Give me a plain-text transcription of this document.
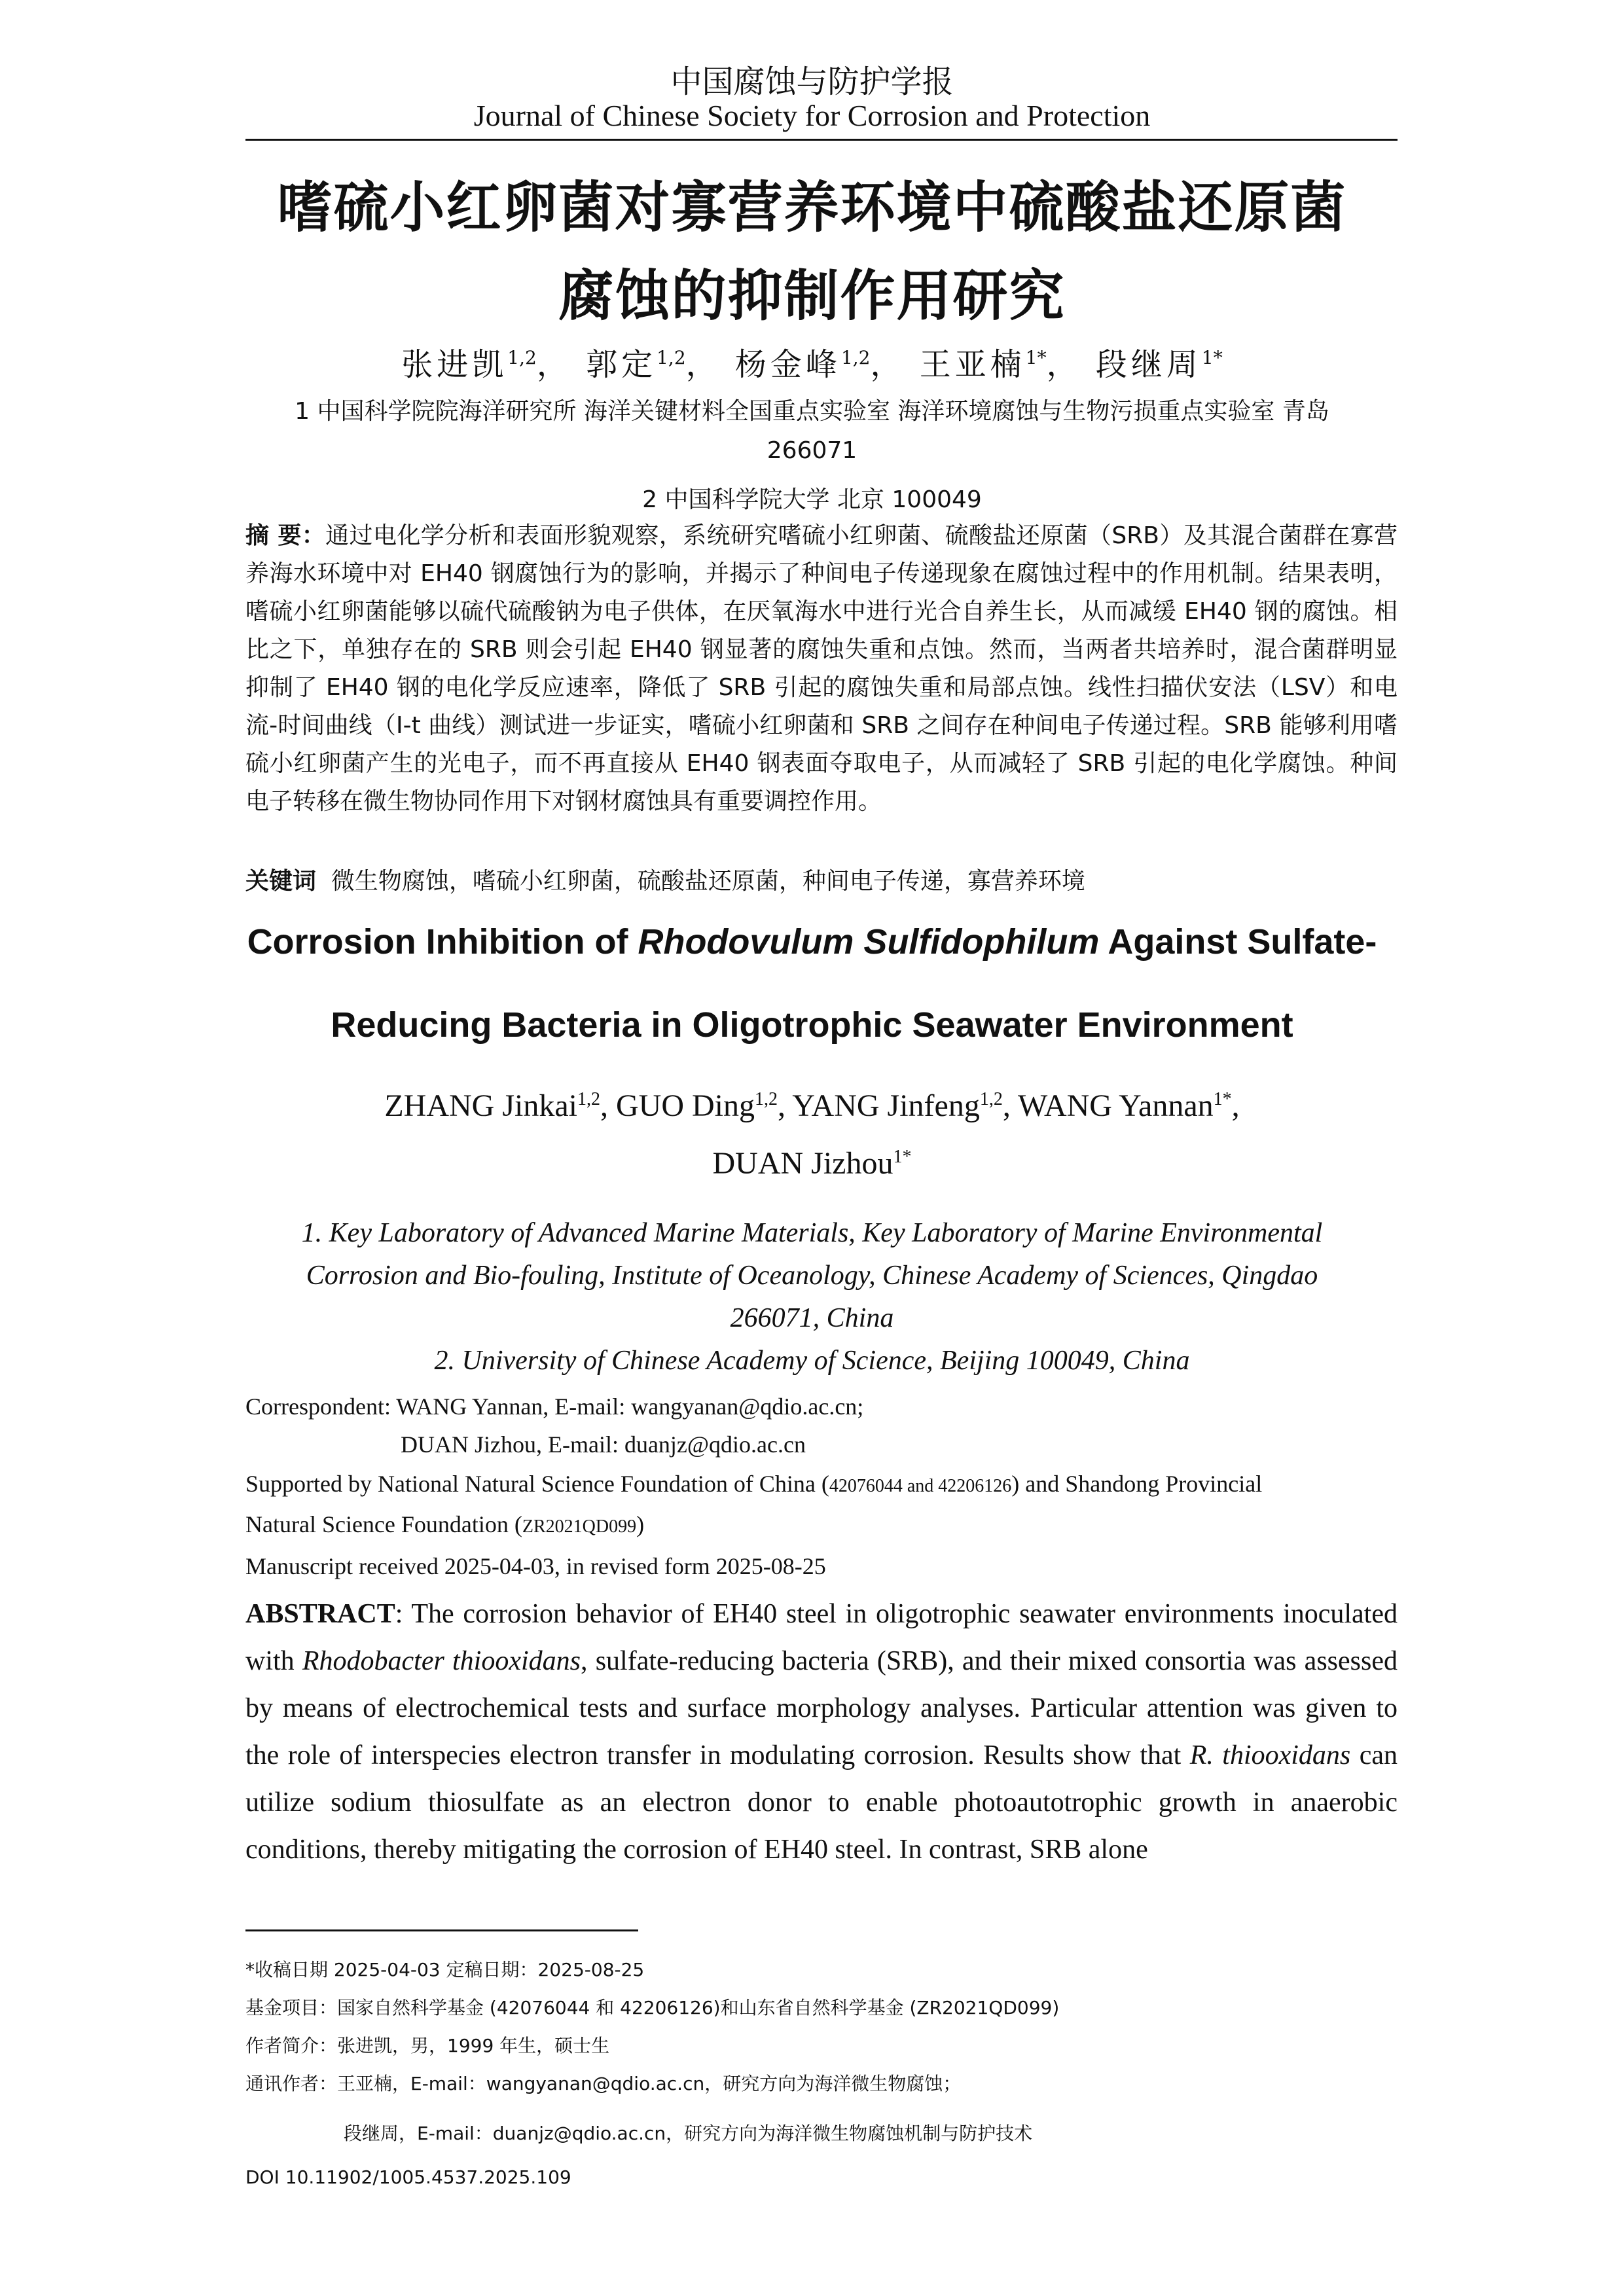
中国腐蚀与防护学报
Journal of Chinese Society for Corrosion and Protection
嗜硫小红卵菌对寡营养环境中硫酸盐还原菌
腐蚀的抑制作用研究
张进凯$^{1,2}$， 郭定$^{1,2}$， 杨金峰$^{1,2}$， 王亚楠$^{1*}$， 段继周$^{1*}$
1 中国科学院院海洋研究所 海洋关键材料全国重点实验室 海洋环境腐蚀与生物污损重点实验室 青岛
266071
2 中国科学院大学 北京 100049
摘 要：通过电化学分析和表面形貌观察，系统研究嗜硫小红卵菌、硫酸盐还原菌（SRB）及其混合菌群在寡营养海水环境中对 EH40 钢腐蚀行为的影响，并揭示了种间电子传递现象在腐蚀过程中的作用机制。结果表明，嗜硫小红卵菌能够以硫代硫酸钠为电子供体，在厌氧海水中进行光合自养生长，从而减缓 EH40 钢的腐蚀。相比之下，单独存在的 SRB 则会引起 EH40 钢显著的腐蚀失重和点蚀。然而，当两者共培养时，混合菌群明显抑制了 EH40 钢的电化学反应速率，降低了 SRB 引起的腐蚀失重和局部点蚀。线性扫描伏安法（LSV）和电流-时间曲线（I-t 曲线）测试进一步证实，嗜硫小红卵菌和 SRB 之间存在种间电子传递过程。SRB 能够利用嗜硫小红卵菌产生的光电子，而不再直接从 EH40 钢表面夺取电子，从而减轻了 SRB 引起的电化学腐蚀。种间电子转移在微生物协同作用下对钢材腐蚀具有重要调控作用。
关键词 微生物腐蚀，嗜硫小红卵菌，硫酸盐还原菌，种间电子传递，寡营养环境
Corrosion Inhibition of Rhodovulum Sulfidophilum Against Sulfate-
Reducing Bacteria in Oligotrophic Seawater Environment
ZHANG Jinkai$^{1,2}$, GUO Ding$^{1,2}$, YANG Jinfeng$^{1,2}$, WANG Yannan$^{1*}$,
DUAN Jizhou$^{1*}$
1. Key Laboratory of Advanced Marine Materials, Key Laboratory of Marine Environmental
Corrosion and Bio-fouling, Institute of Oceanology, Chinese Academy of Sciences, Qingdao
266071, China
2. University of Chinese Academy of Science, Beijing 100049, China
Correspondent: WANG Yannan, E-mail: wangyanan@qdio.ac.cn;
DUAN Jizhou, E-mail: duanjz@qdio.ac.cn
Supported by National Natural Science Foundation of China (42076044 and 42206126) and Shandong Provincial
Natural Science Foundation (ZR2021QD099)
Manuscript received 2025-04-03, in revised form 2025-08-25
ABSTRACT: The corrosion behavior of EH40 steel in oligotrophic seawater environments inoculated with Rhodobacter thiooxidans, sulfate-reducing bacteria (SRB), and their mixed consortia was assessed by means of electrochemical tests and surface morphology analyses. Particular attention was given to the role of interspecies electron transfer in modulating corrosion. Results show that R. thiooxidans can utilize sodium thiosulfate as an electron donor to enable photoautotrophic growth in anaerobic conditions, thereby mitigating the corrosion of EH40 steel. In contrast, SRB alone
*收稿日期 2025-04-03 定稿日期：2025-08-25
基金项目：国家自然科学基金 (42076044 和 42206126)和山东省自然科学基金 (ZR2021QD099)
作者简介：张进凯，男，1999 年生，硕士生
通讯作者：王亚楠，E-mail：wangyanan@qdio.ac.cn，研究方向为海洋微生物腐蚀；
段继周，E-mail：duanjz@qdio.ac.cn，研究方向为海洋微生物腐蚀机制与防护技术
DOI 10.11902/1005.4537.2025.109
